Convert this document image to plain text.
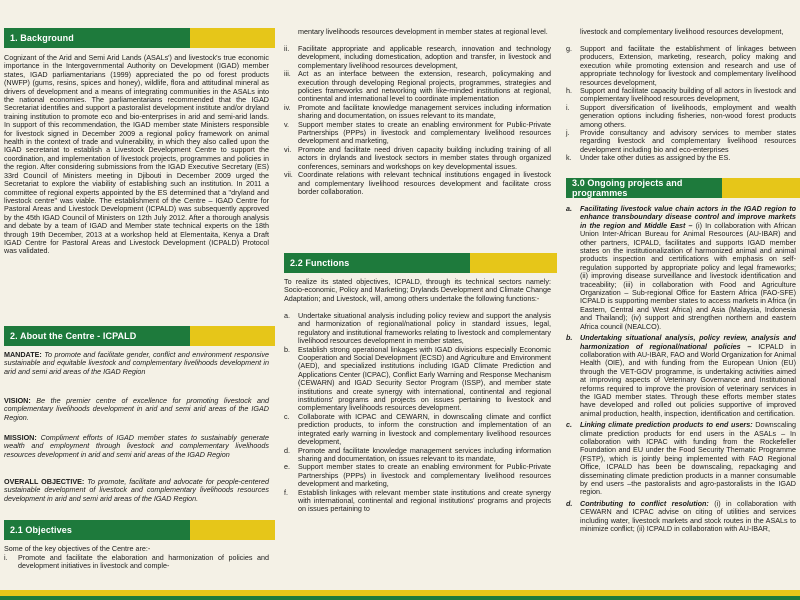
1. Background

Cognizant of the Arid and Semi Arid Lands (ASALs') and livestock's true economic importance in the Intergovernmental Authority on Development (IGAD) member states, IGAD parliamentarians (1999) appreciated the po od forest products (NWFP) (gums, resins, spices and honey), wildlife, flora and attitudinal mineral as drivers of development and a means of integrating communities in the ASALs into the national economies. The parliamentarians recommended that the IGAD Secretariat identifies and support a pastoralist development institute and/or dryland training institution to promote eco and bio-enterprises in arid and semi-arid lands. In support of this recommendation, the IGAD member state Ministers responsible for livestock signed in December 2009 a regional policy framework on animal health in the context of trade and vulnerability, in which they also called upon the IGAD secretariat to establish a Livestock Development Centre to support the coordination, and implementation of livestock projects, programmes and policies in the region. After considering submissions from the IGAD Executive Secretary (ES) 33rd Council of Ministers meeting in Djibouti in December 2009 urged the Secretariat to explore the viability of establishing such an institution. In 2011 a committee of regional experts appointed by the ES determined that a "dryland and livestock centre" was viable. The establishment of the Centre – IGAD Centre for Pastoral Areas and Livestock Development (ICPALD) was subsequently approved by the 45th IGAD Council of Ministers on 12th July 2012. After a thorough analysis and debate by a team of IGAD and Member state technical experts on the 18th through 19th December, 2013 at a workshop held at Elementaita, Kenya a Draft IGAD Centre for Pastoral Areas and Livestock Development (ICPALD) Protocol was validated.

2. About the Centre - ICPALD

MANDATE: To promote and facilitate gender, conflict and environment responsive sustainable and equitable livestock and complementary livelihoods development in arid and semi arid areas of the IGAD Region

VISION: Be the premier centre of excellence for promoting livestock and complementary livelihoods development in arid and semi arid areas of the IGAD Region.

MISSION: Compliment efforts of IGAD member states to sustainably generate wealth and employment through livestock and complementary livelihoods resources development in arid and semi arid areas of the IGAD Region

OVERALL OBJECTIVE: To promote, facilitate and advocate for people-centered sustainable development of livestock and complementary livelihoods resources development in arid and semi arid areas of the IGAD Region.

2.1 Objectives

Some of the key objectives of the Centre are:-

i.	Promote and facilitate the elaboration and harmonization of policies and development initiatives in livestock and comple-
mentary livelihoods resources development in member states at regional level.
ii.	Facilitate appropriate and applicable research, innovation and technology development, including domestication, adoption and transfer, in livestock and complementary livelihood resources development,
iii.	Act as an interface between the extension, research, policymaking and execution through developing Regional projects, programmes, strategies and policies frameworks and networking with like-minded institutions at regional, continental and international level to coordinate implementation
iv.	Promote and facilitate knowledge management services including information sharing and documentation, on issues relevant to its mandate,
v.	Support member states to create an enabling environment for Public-Private Partnerships (PPPs) in livestock and complementary livelihood resources development and marketing,
vi. Promote and facilitate need driven capacity building including training of all actors in drylands and livestock sectors in member states through organized conferences, seminars and workshops on key developmental issues.
vii. Coordinate relations with relevant technical institutions engaged in livestock and complementary livelihood resources development and facilitate cross border collaboration.
2.2 Functions

To realize its stated objectives, ICPALD, through its technical sectors namely: Socio-economic, Policy and Marketing; Drylands Development and Climate Change Adaptation; and Livestock, will, among others undertake the following functions:-

a.	Undertake situational analysis including policy review and support the analysis and harmonization of regional/national policy in standard issues, legal, regulatory and institutional frameworks relating to livestock and complementary livelihood resources development in member states,
b.	Establish strong operational linkages with IGAD divisions especially Economic Cooperation and Social Development (ECSD) and Agriculture and Environment (AED), and specialized institutions including IGAD Climate Prediction and Applications Center (ICPAC), Conflict Early Warning and Response Mechanism (CEWARN) and IGAD Security Sector Program (ISSP), and member state institutions and create synergy with international, continental and regional institutions' programs and projects on issues pertaining to livestock and complementary livelihoods resources development.
c.	Collaborate with ICPAC and CEWARN, in downscaling climate and conflict prediction products, to inform the construction and implementation of an integrated early warning in livestock and complementary livelihood resources development,
d.	Promote and facilitate knowledge management services including information sharing and documentation, on issues relevant to its mandate,
e.	Support member states to create an enabling environment for Public-Private Partnerships (PPPs) in livestock and complementary livelihood resources development and marketing,
f.	Establish linkages with relevant member state institutions and create synergy with international, continental and regional institutions' programs and projects on issues pertaining to
livestock and complementary livelihood resources development,
g.	Support and facilitate the establishment of linkages between producers, Extension, marketing, research, policy making and execution while promoting extension and research and use of appropriate technology for livestock and complementary livelihood resources development,
h.	Support and facilitate capacity building of all actors in livestock and complementary livelihood resources development,
i.	Support diversification of livelihoods, employment and wealth generation options including fisheries, non-wood forest products among others.
j.	Provide consultancy and advisory services to member states regarding livestock and complementary livelihood resources development including bio and eco-enterprises
k.	Under take other duties as assigned by the ES.
3.0 Ongoing projects and programmes
a.	Facilitating livestock value chain actors in the IGAD region to enhance transboundary disease control and improve markets in the region and Middle East – (i) In collaboration with African Union Inter-African Bureau for Animal Resources (AU-IBAR) and other partners, ICPALD, facilitates and supports IGAD member states on the institutionalization of harmonized animal and animal products inspection and certifications with emphasis on self-regulation supported by appropriate policy and legal frameworks; (ii) improving disease surveillance and livestock identification and traceability; (iii) in collaboration with Food and Agriculture Organization – Sub-regional Office for Eastern Africa (FAO-SFE) ICPALD is supporting member states to access markets in Africa (in Eastern, Central and West Africa) and Asia (Malaysia, Indonesia and Thailand); (iv) support and strengthen northern and eastern Africa council (NEALCO).
b.	Undertaking situational analysis, policy review, analysis and harmonization of regional/national policies – ICPALD in collaboration with AU-IBAR, FAO and World Organization for Animal Health (OIE), and with funding from the European Union (EU) through the VET-GOV programme, is undertaking activities aimed at improving aspects of Veterinary Governance and Institutional reforms required to improve the provision of veterinary services in the IGAD member states. Through these efforts member states have developed and rolled out policies supportive of improved animal production, health, inspection, identification and certification.
c.	Linking climate prediction products to end users: Downscaling climate prediction products for end users in the ASALs – In collaboration with ICPAC with funding from the Rockefeller Foundation and EU under the Food Security Thematic Programme (FSTP), which is jointly being implemented with FAO Regional Office, ICPALD has been be downscaling, repackaging and disseminating climate prediction products in a manner consumable by end users –the pastoralists and agro-pastoralists in the IGAD region.
d.	Contributing to conflict resolution: (i) in collaboration with CEWARN and ICPAC advise on citing of utilities and services including water, livestock markets and stock routes in the ASALs to minimize conflict; (ii) ICPALD in collaboration with AU-IBAR,
